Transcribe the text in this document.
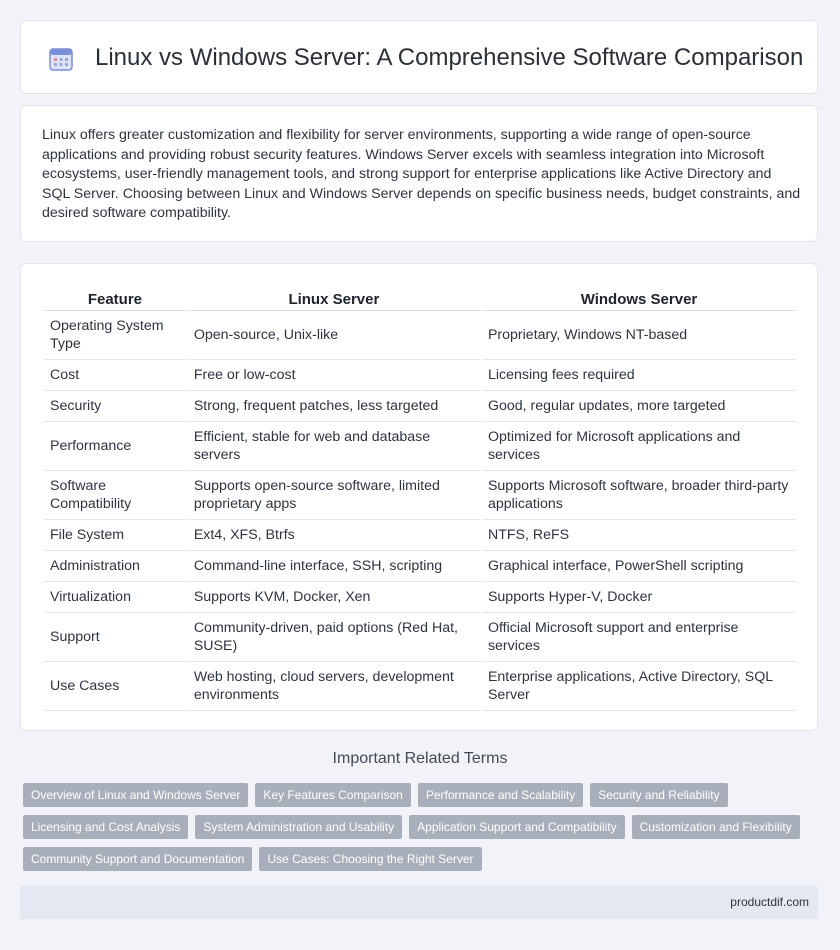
Linux vs Windows Server: A Comprehensive Software Comparison

Linux offers greater customization and flexibility for server environments, supporting a wide range of open-source applications and providing robust security features. Windows Server excels with seamless integration into Microsoft ecosystems, user-friendly management tools, and strong support for enterprise applications like Active Directory and SQL Server. Choosing between Linux and Windows Server depends on specific business needs, budget constraints, and desired software compatibility.

Feature	Linux Server	Windows Server
Operating System Type	Open-source, Unix-like	Proprietary, Windows NT-based
Cost	Free or low-cost	Licensing fees required
Security	Strong, frequent patches, less targeted	Good, regular updates, more targeted
Performance	Efficient, stable for web and database servers	Optimized for Microsoft applications and services
Software Compatibility	Supports open-source software, limited proprietary apps	Supports Microsoft software, broader third-party applications
File System	Ext4, XFS, Btrfs	NTFS, ReFS
Administration	Command-line interface, SSH, scripting	Graphical interface, PowerShell scripting
Virtualization	Supports KVM, Docker, Xen	Supports Hyper-V, Docker
Support	Community-driven, paid options (Red Hat, SUSE)	Official Microsoft support and enterprise services
Use Cases	Web hosting, cloud servers, development environments	Enterprise applications, Active Directory, SQL Server
Important Related Terms
Overview of Linux and Windows Server	Key Features Comparison	Performance and Scalability	Security and Reliability
Licensing and Cost Analysis	System Administration and Usability	Application Support and Compatibility	Customization and Flexibility
Community Support and Documentation	Use Cases: Choosing the Right Server
productdif.com
